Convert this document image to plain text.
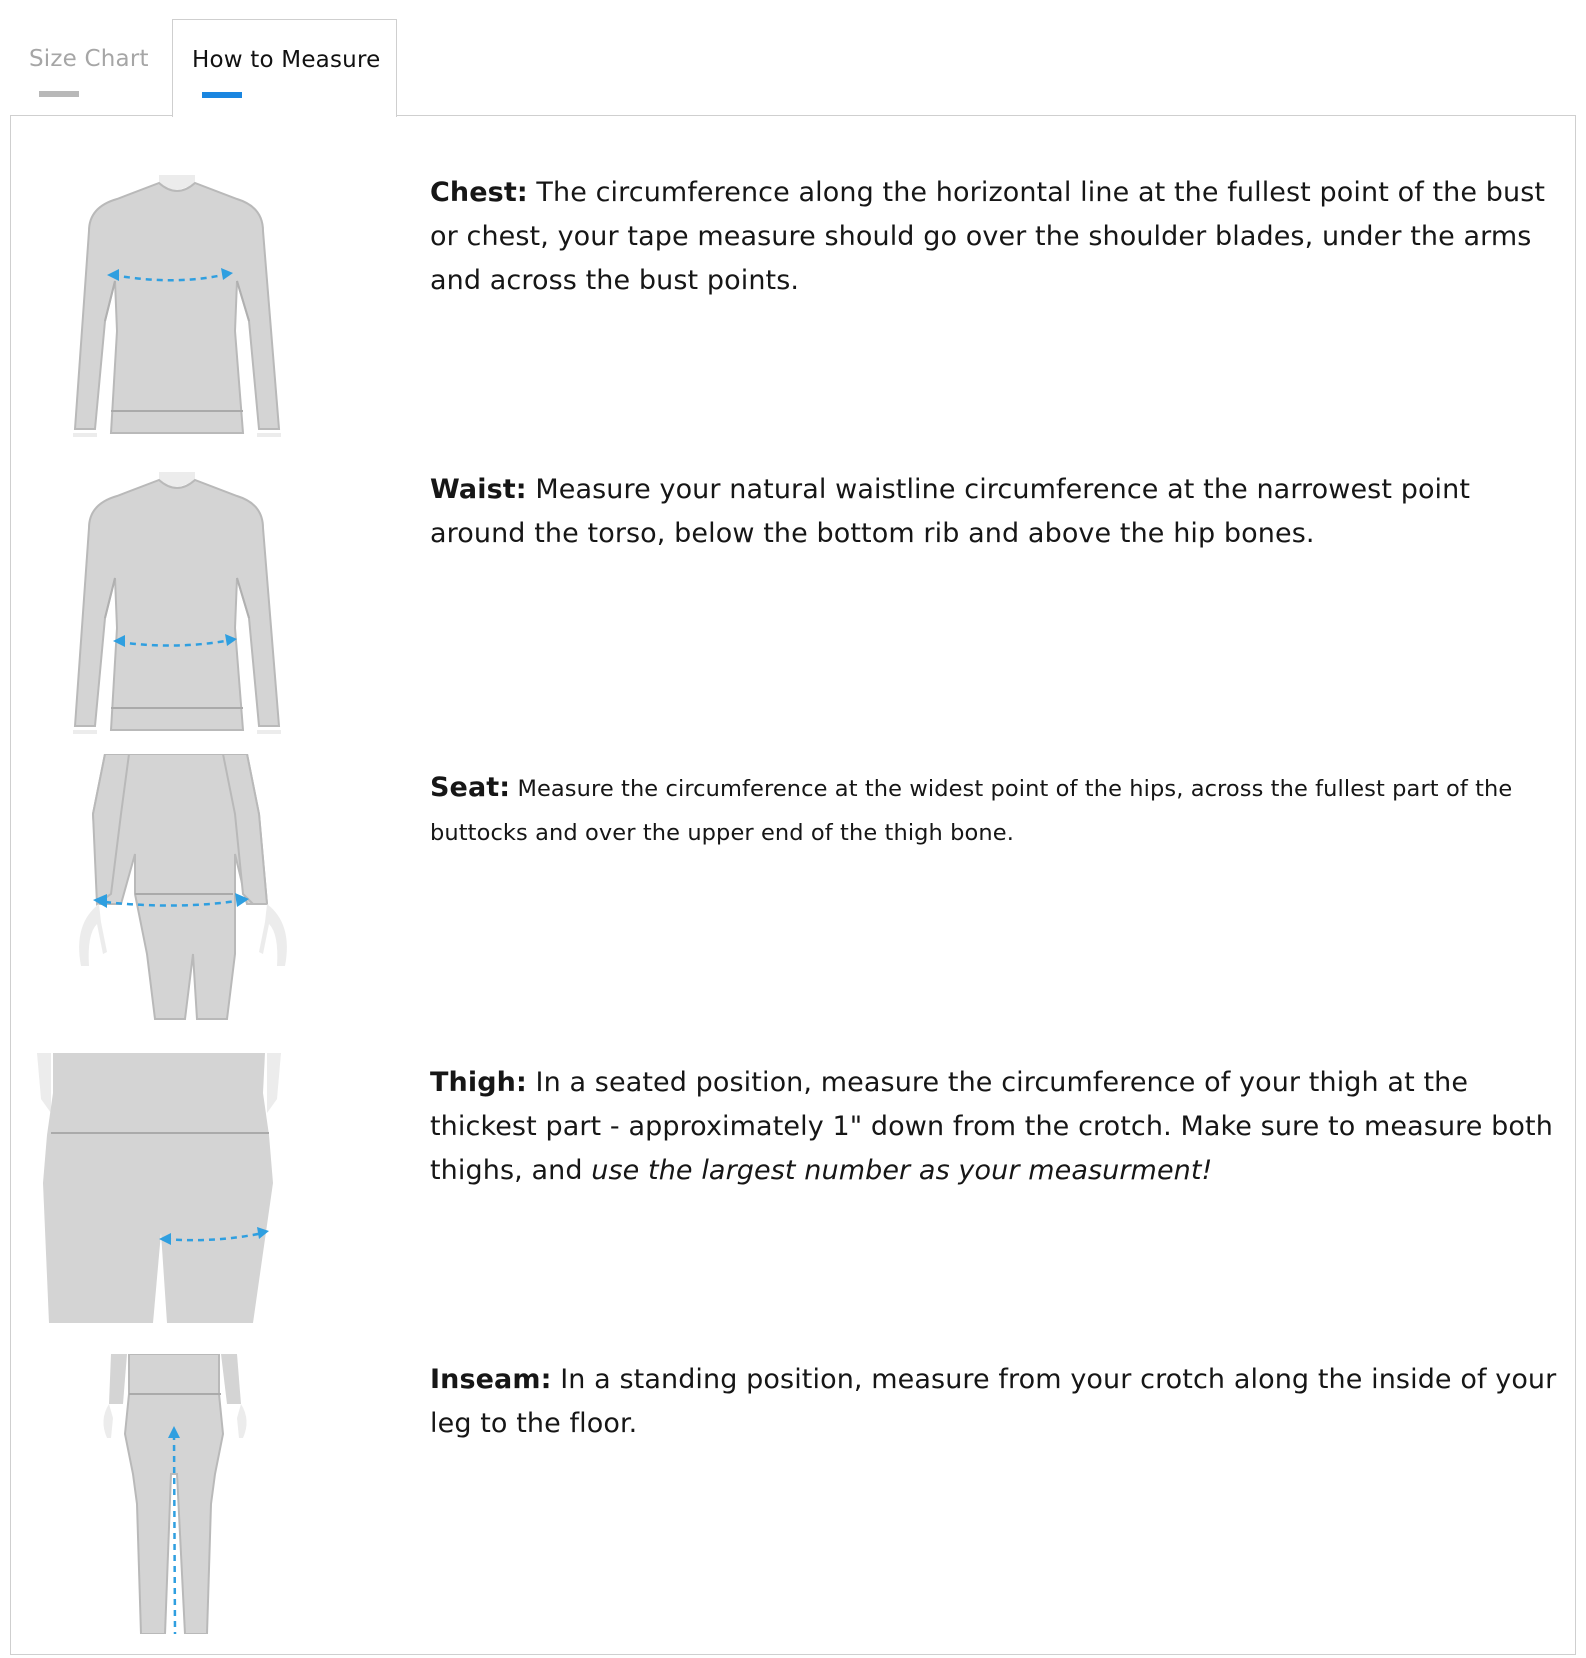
Size Chart How to Measure
Chest: The circumference along the horizontal line at the fullest point of the bust or chest, your tape measure should go over the shoulder blades, under the arms and across the bust points.
Waist: Measure your natural waistline circumference at the narrowest point around the torso, below the bottom rib and above the hip bones.
Seat: Measure the circumference at the widest point of the hips, across the fullest part of the buttocks and over the upper end of the thigh bone.
Thigh: In a seated position, measure the circumference of your thigh at the thickest part - approximately 1" down from the crotch. Make sure to measure both thighs, and use the largest number as your measurment!
Inseam: In a standing position, measure from your crotch along the inside of your leg to the floor.
